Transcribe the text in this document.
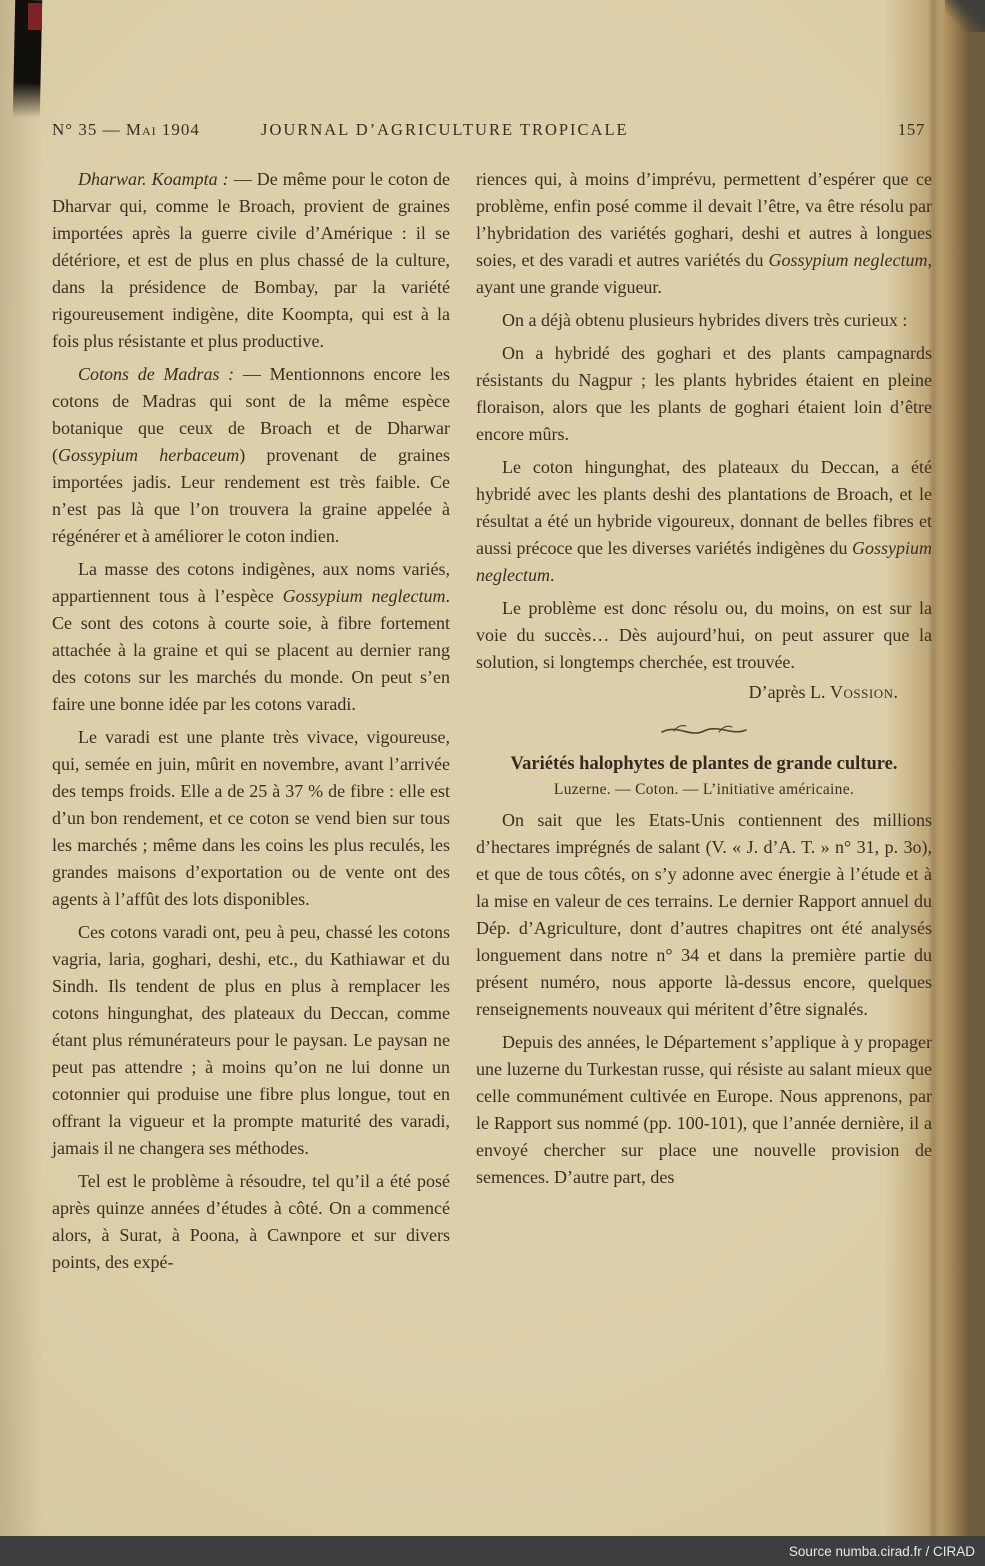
N° 35 — Mai 1904	JOURNAL D’AGRICULTURE TROPICALE	157

Dharwar. Koampta : — De même pour le coton de Dharvar qui, comme le Broach, provient de graines importées après la guerre civile d’Amérique : il se détériore, et est de plus en plus chassé de la culture, dans la présidence de Bombay, par la variété rigoureusement indigène, dite Koompta, qui est à la fois plus résistante et plus productive.

Cotons de Madras : — Mentionnons encore les cotons de Madras qui sont de la même espèce botanique que ceux de Broach et de Dharwar (Gossypium herbaceum) provenant de graines importées jadis. Leur rendement est très faible. Ce n’est pas là que l’on trouvera la graine appelée à régénérer et à améliorer le coton indien.

La masse des cotons indigènes, aux noms variés, appartiennent tous à l’espèce Gossypium neglectum. Ce sont des cotons à courte soie, à fibre fortement attachée à la graine et qui se placent au dernier rang des cotons sur les marchés du monde. On peut s’en faire une bonne idée par les cotons varadi.

Le varadi est une plante très vivace, vigoureuse, qui, semée en juin, mûrit en novembre, avant l’arrivée des temps froids. Elle a de 25 à 37 % de fibre : elle est d’un bon rendement, et ce coton se vend bien sur tous les marchés ; même dans les coins les plus reculés, les grandes maisons d’exportation ou de vente ont des agents à l’affût des lots disponibles.

Ces cotons varadi ont, peu à peu, chassé les cotons vagria, laria, goghari, deshi, etc., du Kathiawar et du Sindh. Ils tendent de plus en plus à remplacer les cotons hingunghat, des plateaux du Deccan, comme étant plus rémunérateurs pour le paysan. Le paysan ne peut pas attendre ; à moins qu’on ne lui donne un cotonnier qui produise une fibre plus longue, tout en offrant la vigueur et la prompte maturité des varadi, jamais il ne changera ses méthodes.

Tel est le problème à résoudre, tel qu’il a été posé après quinze années d’études à côté. On a commencé alors, à Surat, à Poona, à Cawnpore et sur divers points, des expé-

riences qui, à moins d’imprévu, permettent d’espérer que ce problème, enfin posé comme il devait l’être, va être résolu par l’hybridation des variétés goghari, deshi et autres à longues soies, et des varadi et autres variétés du Gossypium neglectum, ayant une grande vigueur.

On a déjà obtenu plusieurs hybrides divers très curieux :

On a hybridé des goghari et des plants campagnards résistants du Nagpur ; les plants hybrides étaient en pleine floraison, alors que les plants de goghari étaient loin d’être encore mûrs.

Le coton hingunghat, des plateaux du Deccan, a été hybridé avec les plants deshi des plantations de Broach, et le résultat a été un hybride vigoureux, donnant de belles fibres et aussi précoce que les diverses variétés indigènes du Gossypium neglectum.

Le problème est donc résolu ou, du moins, on est sur la voie du succès… Dès aujourd’hui, on peut assurer que la solution, si longtemps cherchée, est trouvée.

D’après L. Vossion.

Variétés halophytes de plantes de grande culture.

Luzerne. — Coton. — L’initiative américaine.

On sait que les Etats-Unis contiennent des millions d’hectares imprégnés de salant (V. « J. d’A. T. » n° 31, p. 3o), et que de tous côtés, on s’y adonne avec énergie à l’étude et à la mise en valeur de ces terrains. Le dernier Rapport annuel du Dép. d’Agriculture, dont d’autres chapitres ont été analysés longuement dans notre n° 34 et dans la première partie du présent numéro, nous apporte là-dessus encore, quelques renseignements nouveaux qui méritent d’être signalés.

Depuis des années, le Département s’applique à y propager une luzerne du Turkestan russe, qui résiste au salant mieux que celle communément cultivée en Europe. Nous apprenons, par le Rapport sus nommé (pp. 100-101), que l’année dernière, il a envoyé chercher sur place une nouvelle provision de semences. D’autre part, des

Source numba.cirad.fr / CIRAD
